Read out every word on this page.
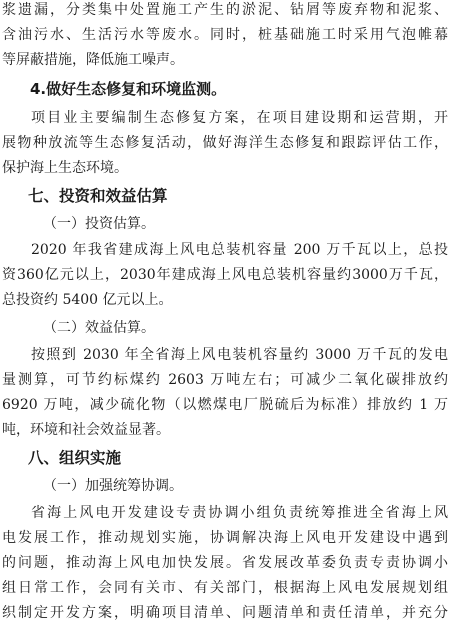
浆遗漏，分类集中处置施工产生的淤泥、钻屑等废弃物和泥浆、
含油污水、生活污水等废水。同时，桩基础施工时采用气泡帷幕
等屏蔽措施，降低施工噪声。
4.做好生态修复和环境监测。
项目业主要编制生态修复方案，在项目建设期和运营期，开
展物种放流等生态修复活动，做好海洋生态修复和跟踪评估工作，
保护海上生态环境。
七、投资和效益估算
（一）投资估算。
2020 年我省建成海上风电总装机容量 200 万千瓦以上，总投
资360亿元以上，2030年建成海上风电总装机容量约3000万千瓦，
总投资约 5400 亿元以上。
（二）效益估算。
按照到 2030 年全省海上风电装机容量约 3000 万千瓦的发电
量测算，可节约标煤约 2603 万吨左右；可减少二氧化碳排放约
6920 万吨，减少硫化物（以燃煤电厂脱硫后为标准）排放约 1 万
吨，环境和社会效益显著。
八、组织实施
（一）加强统筹协调。
省海上风电开发建设专责协调小组负责统筹推进全省海上风
电发展工作，推动规划实施，协调解决海上风电开发建设中遇到
的问题，推动海上风电加快发展。省发展改革委负责专责协调小
组日常工作，会同有关市、有关部门，根据海上风电发展规划组
织制定开发方案，明确项目清单、问题清单和责任清单，并充分
